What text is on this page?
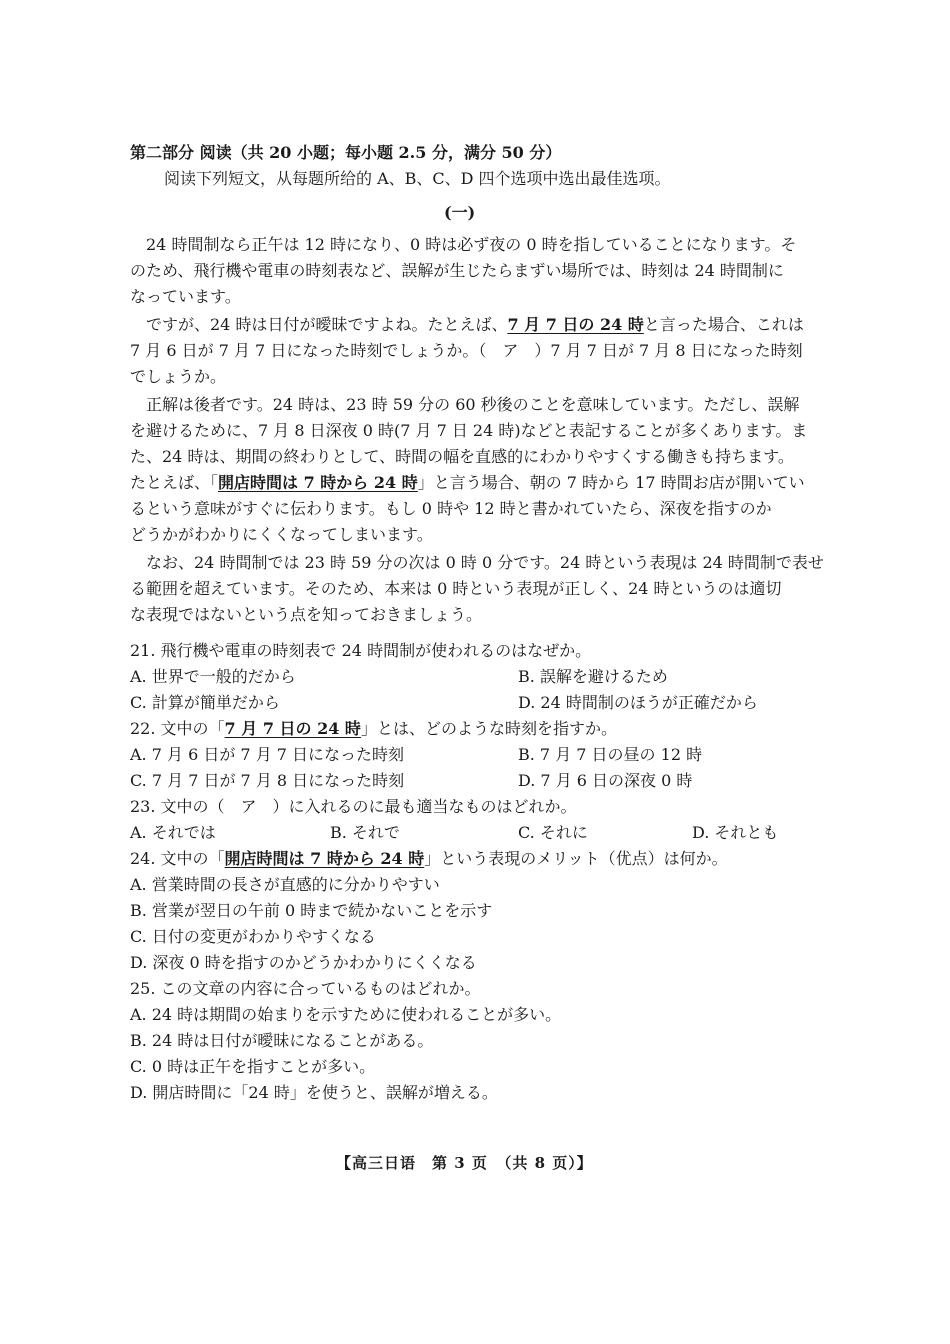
第二部分 阅读（共 20 小题；每小题 2.5 分，满分 50 分）
阅读下列短文，从每题所给的 A、B、C、D 四个选项中选出最佳选项。
(一)
24 時間制なら正午は 12 時になり、0 時は必ず夜の 0 時を指していることになります。そ
のため、飛行機や電車の時刻表など、誤解が生じたらまずい場所では、時刻は 24 時間制に
なっています。
ですが、24 時は日付が曖昧ですよね。たとえば、7 月 7 日の 24 時と言った場合、これは
7 月 6 日が 7 月 7 日になった時刻でしょうか。（　ア　）7 月 7 日が 7 月 8 日になった時刻
でしょうか。
正解は後者です。24 時は、23 時 59 分の 60 秒後のことを意味しています。ただし、誤解
を避けるために、7 月 8 日深夜 0 時(7 月 7 日 24 時)などと表記することが多くあります。ま
た、24 時は、期間の終わりとして、時間の幅を直感的にわかりやすくする働きも持ちます。
たとえば、「開店時間は 7 時から 24 時」と言う場合、朝の 7 時から 17 時間お店が開いてい
るという意味がすぐに伝わります。もし 0 時や 12 時と書かれていたら、深夜を指すのか
どうかがわかりにくくなってしまいます。
なお、24 時間制では 23 時 59 分の次は 0 時 0 分です。24 時という表現は 24 時間制で表せ
る範囲を超えています。そのため、本来は 0 時という表現が正しく、24 時というのは適切
な表現ではないという点を知っておきましょう。
21. 飛行機や電車の時刻表で 24 時間制が使われるのはなぜか。
A. 世界で一般的だから	B. 誤解を避けるため
C. 計算が簡単だから	D. 24 時間制のほうが正確だから
22. 文中の「7 月 7 日の 24 時」とは、どのような時刻を指すか。
A. 7 月 6 日が 7 月 7 日になった時刻	B. 7 月 7 日の昼の 12 時
C. 7 月 7 日が 7 月 8 日になった時刻	D. 7 月 6 日の深夜 0 時
23. 文中の（　ア　）に入れるのに最も適当なものはどれか。
A. それでは	B. それで	C. それに	D. それとも
24. 文中の「開店時間は 7 時から 24 時」という表現のメリット（优点）は何か。
A. 営業時間の長さが直感的に分かりやすい
B. 営業が翌日の午前 0 時まで続かないことを示す
C. 日付の変更がわかりやすくなる
D. 深夜 0 時を指すのかどうかわかりにくくなる
25. この文章の内容に合っているものはどれか。
A. 24 時は期間の始まりを示すために使われることが多い。
B. 24 時は日付が曖昧になることがある。
C. 0 時は正午を指すことが多い。
D. 開店時間に「24 時」を使うと、誤解が増える。
【高三日语　第 3 页　（共 8 页）】
